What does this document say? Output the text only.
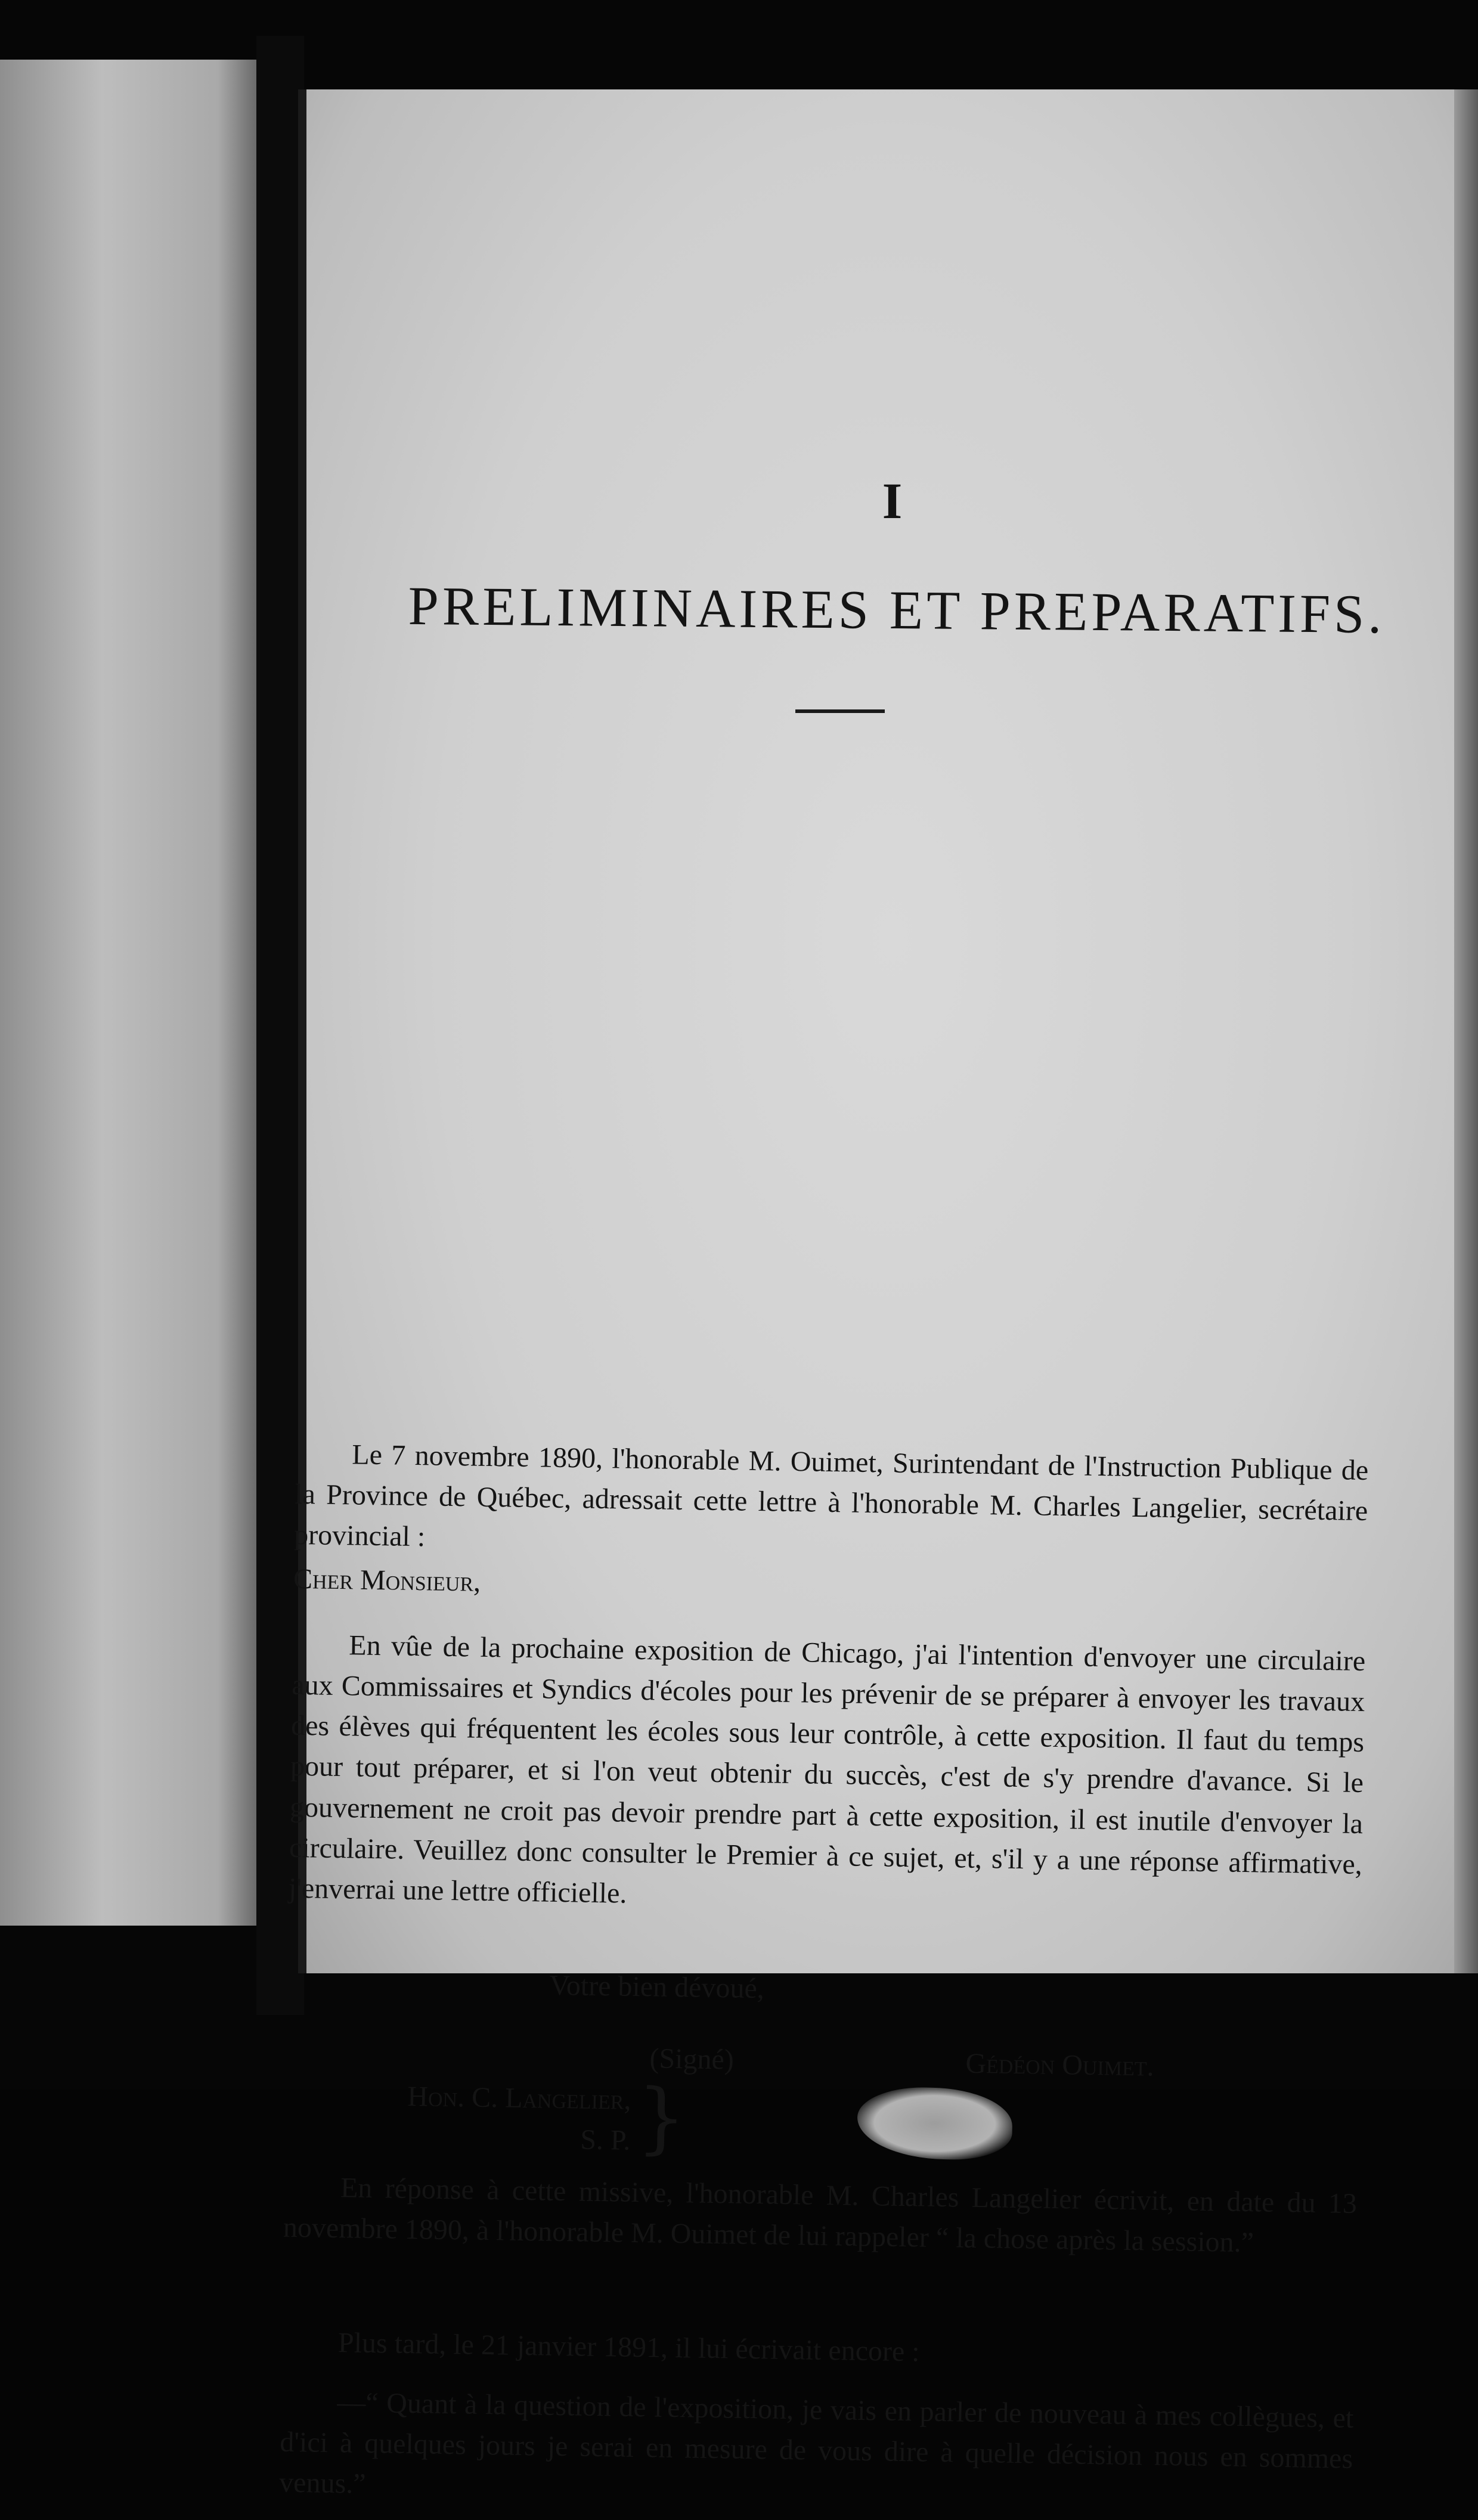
I
PRELIMINAIRES ET PREPARATIFS.

Le 7 novembre 1890, l'honorable M. Ouimet, Surintendant de l'Instruction Publique de la Province de Québec, adressait cette lettre à l'honorable M. Charles Langelier, secrétaire provincial :

Cher Monsieur,

En vûe de la prochaine exposition de Chicago, j'ai l'intention d'envoyer une circulaire aux Commissaires et Syndics d'écoles pour les prévenir de se préparer à envoyer les travaux des élèves qui fréquentent les écoles sous leur contrôle, à cette exposition. Il faut du temps pour tout préparer, et si l'on veut obtenir du succès, c'est de s'y prendre d'avance. Si le gouvernement ne croit pas devoir prendre part à cette exposition, il est inutile d'envoyer la circulaire. Veuillez donc consulter le Premier à ce sujet, et, s'il y a une réponse affirmative, j'enverrai une lettre officielle.

Votre bien dévoué,
(Signé)	Gédéon Ouimet.
Hon. C. Langelier,
S. P. }

En réponse à cette missive, l'honorable M. Charles Langelier écrivit, en date du 13 novembre 1890, à l'honorable M. Ouimet de lui rappeler “ la chose après la session.”

Plus tard, le 21 janvier 1891, il lui écrivait encore :

—“ Quant à la question de l'exposition, je vais en parler de nouveau à mes collègues, et d'ici à quelques jours je serai en mesure de vous dire à quelle décision nous en sommes venus.”
